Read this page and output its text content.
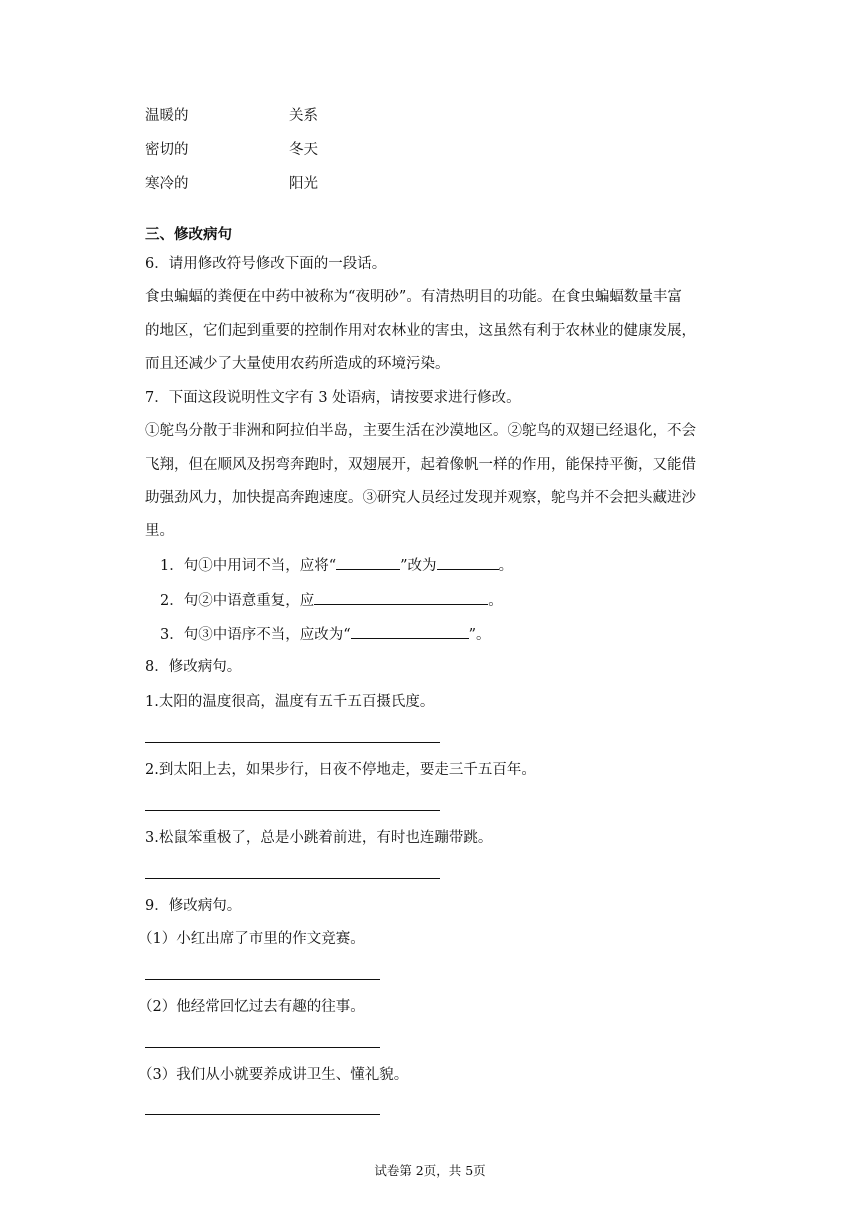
温暖的	关系
密切的	冬天
寒冷的	阳光
三、修改病句
6．请用修改符号修改下面的一段话。
食虫蝙蝠的粪便在中药中被称为“夜明砂”。有清热明目的功能。在食虫蝙蝠数量丰富
的地区，它们起到重要的控制作用对农林业的害虫，这虽然有利于农林业的健康发展，
而且还减少了大量使用农药所造成的环境污染。
7．下面这段说明性文字有 3 处语病，请按要求进行修改。
①鸵鸟分散于非洲和阿拉伯半岛，主要生活在沙漠地区。②鸵鸟的双翅已经退化，不会
飞翔，但在顺风及拐弯奔跑时，双翅展开，起着像帆一样的作用，能保持平衡，又能借
助强劲风力，加快提高奔跑速度。③研究人员经过发现并观察，鸵鸟并不会把头藏进沙
里。
1．句①中用词不当，应将“	”改为	。
2．句②中语意重复，应	。
3．句③中语序不当，应改为“	”。
8．修改病句。
1.太阳的温度很高，温度有五千五百摄氏度。
2.到太阳上去，如果步行，日夜不停地走，要走三千五百年。
3.松鼠笨重极了，总是小跳着前进，有时也连蹦带跳。
9．修改病句。
（1）小红出席了市里的作文竞赛。
（2）他经常回忆过去有趣的往事。
（3）我们从小就要养成讲卫生、懂礼貌。
试卷第 2页，共 5页
